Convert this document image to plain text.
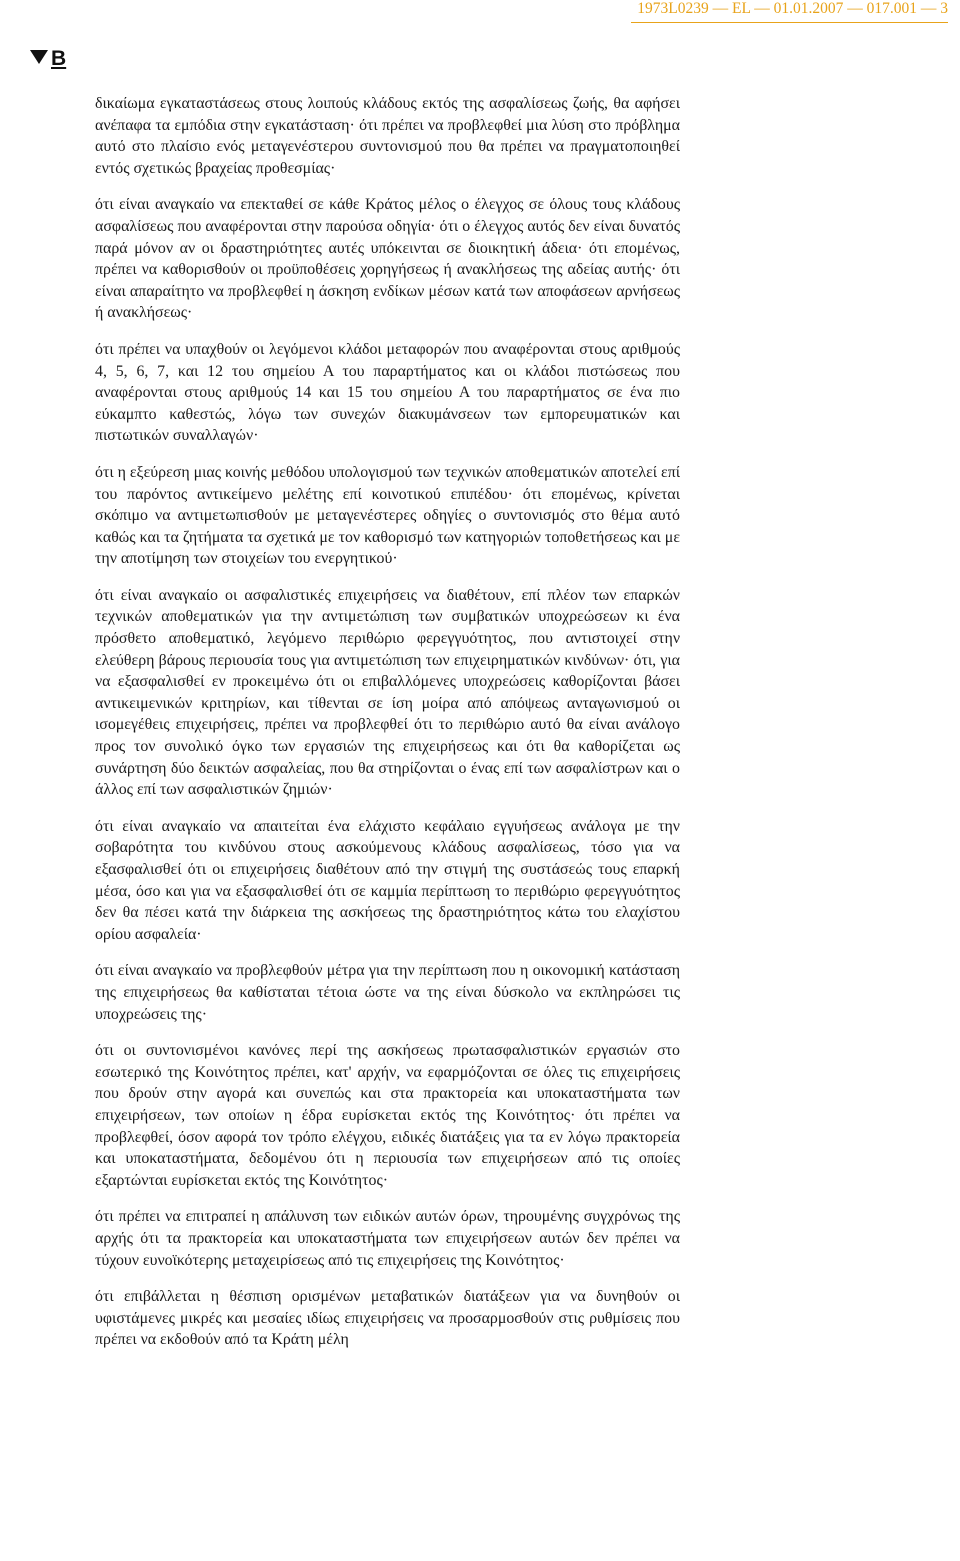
1973L0239 — EL — 01.01.2007 — 017.001 — 3
B

δικαίωμα εγκαταστάσεως στους λοιπούς κλάδους εκτός της ασφαλίσεως ζωής, θα αφήσει ανέπαφα τα εμπόδια στην εγκατάσταση· ότι πρέπει να προβλεφθεί μια λύση στο πρόβλημα αυτό στο πλαίσιο ενός μεταγενέστερου συντονισμού που θα πρέπει να πραγματοποιηθεί εντός σχετικώς βραχείας προθεσμίας·

ότι είναι αναγκαίο να επεκταθεί σε κάθε Κράτος μέλος ο έλεγχος σε όλους τους κλάδους ασφαλίσεως που αναφέρονται στην παρούσα οδηγία· ότι ο έλεγχος αυτός δεν είναι δυνατός παρά μόνον αν οι δραστηριότητες αυτές υπόκεινται σε διοικητική άδεια· ότι επομένως, πρέπει να καθορισθούν οι προϋποθέσεις χορηγήσεως ή ανακλήσεως της αδείας αυτής· ότι είναι απαραίτητο να προβλεφθεί η άσκηση ενδίκων μέσων κατά των αποφάσεων αρνήσεως ή ανακλήσεως·

ότι πρέπει να υπαχθούν οι λεγόμενοι κλάδοι μεταφορών που αναφέρονται στους αριθμούς 4, 5, 6, 7, και 12 του σημείου Α του παραρτήματος και οι κλάδοι πιστώσεως που αναφέρονται στους αριθμούς 14 και 15 του σημείου Α του παραρτήματος σε ένα πιο εύκαμπτο καθεστώς, λόγω των συνεχών διακυμάνσεων των εμπορευματικών και πιστωτικών συναλλαγών·

ότι η εξεύρεση μιας κοινής μεθόδου υπολογισμού των τεχνικών αποθεματικών αποτελεί επί του παρόντος αντικείμενο μελέτης επί κοινοτικού επιπέδου· ότι επομένως, κρίνεται σκόπιμο να αντιμετωπισθούν με μεταγενέστερες οδηγίες ο συντονισμός στο θέμα αυτό καθώς και τα ζητήματα τα σχετικά με τον καθορισμό των κατηγοριών τοποθετήσεως και με την αποτίμηση των στοιχείων του ενεργητικού·

ότι είναι αναγκαίο οι ασφαλιστικές επιχειρήσεις να διαθέτουν, επί πλέον των επαρκών τεχνικών αποθεματικών για την αντιμετώπιση των συμβατικών υποχρεώσεων κι ένα πρόσθετο αποθεματικό, λεγόμενο περιθώριο φερεγγυότητος, που αντιστοιχεί στην ελεύθερη βάρους περιουσία τους για αντιμετώπιση των επιχειρηματικών κινδύνων· ότι, για να εξασφαλισθεί εν προκειμένω ότι οι επιβαλλόμενες υποχρεώσεις καθορίζονται βάσει αντικειμενικών κριτηρίων, και τίθενται σε ίση μοίρα από απόψεως ανταγωνισμού οι ισομεγέθεις επιχειρήσεις, πρέπει να προβλεφθεί ότι το περιθώριο αυτό θα είναι ανάλογο προς τον συνολικό όγκο των εργασιών της επιχειρήσεως και ότι θα καθορίζεται ως συνάρτηση δύο δεικτών ασφαλείας, που θα στηρίζονται ο ένας επί των ασφαλίστρων και ο άλλος επί των ασφαλιστικών ζημιών·

ότι είναι αναγκαίο να απαιτείται ένα ελάχιστο κεφάλαιο εγγυήσεως ανάλογα με την σοβαρότητα του κινδύνου στους ασκούμενους κλάδους ασφαλίσεως, τόσο για να εξασφαλισθεί ότι οι επιχειρήσεις διαθέτουν από την στιγμή της συστάσεώς τους επαρκή μέσα, όσο και για να εξασφαλισθεί ότι σε καμμία περίπτωση το περιθώριο φερεγγυότητος δεν θα πέσει κατά την διάρκεια της ασκήσεως της δραστηριότητος κάτω του ελαχίστου ορίου ασφαλεία·

ότι είναι αναγκαίο να προβλεφθούν μέτρα για την περίπτωση που η οικονομική κατάσταση της επιχειρήσεως θα καθίσταται τέτοια ώστε να της είναι δύσκολο να εκπληρώσει τις υποχρεώσεις της·

ότι οι συντονισμένοι κανόνες περί της ασκήσεως πρωτασφαλιστικών εργασιών στο εσωτερικό της Κοινότητος πρέπει, κατ' αρχήν, να εφαρμόζονται σε όλες τις επιχειρήσεις που δρούν στην αγορά και συνεπώς και στα πρακτορεία και υποκαταστήματα των επιχειρήσεων, των οποίων η έδρα ευρίσκεται εκτός της Κοινότητος· ότι πρέπει να προβλεφθεί, όσον αφορά τον τρόπο ελέγχου, ειδικές διατάξεις για τα εν λόγω πρακτορεία και υποκαταστήματα, δεδομένου ότι η περιουσία των επιχειρήσεων από τις οποίες εξαρτώνται ευρίσκεται εκτός της Κοινότητος·

ότι πρέπει να επιτραπεί η απάλυνση των ειδικών αυτών όρων, τηρουμένης συγχρόνως της αρχής ότι τα πρακτορεία και υποκαταστήματα των επιχειρήσεων αυτών δεν πρέπει να τύχουν ευνοϊκότερης μεταχειρίσεως από τις επιχειρήσεις της Κοινότητος·

ότι επιβάλλεται η θέσπιση ορισμένων μεταβατικών διατάξεων για να δυνηθούν οι υφιστάμενες μικρές και μεσαίες ιδίως επιχειρήσεις να προσαρμοσθούν στις ρυθμίσεις που πρέπει να εκδοθούν από τα Κράτη μέλη
